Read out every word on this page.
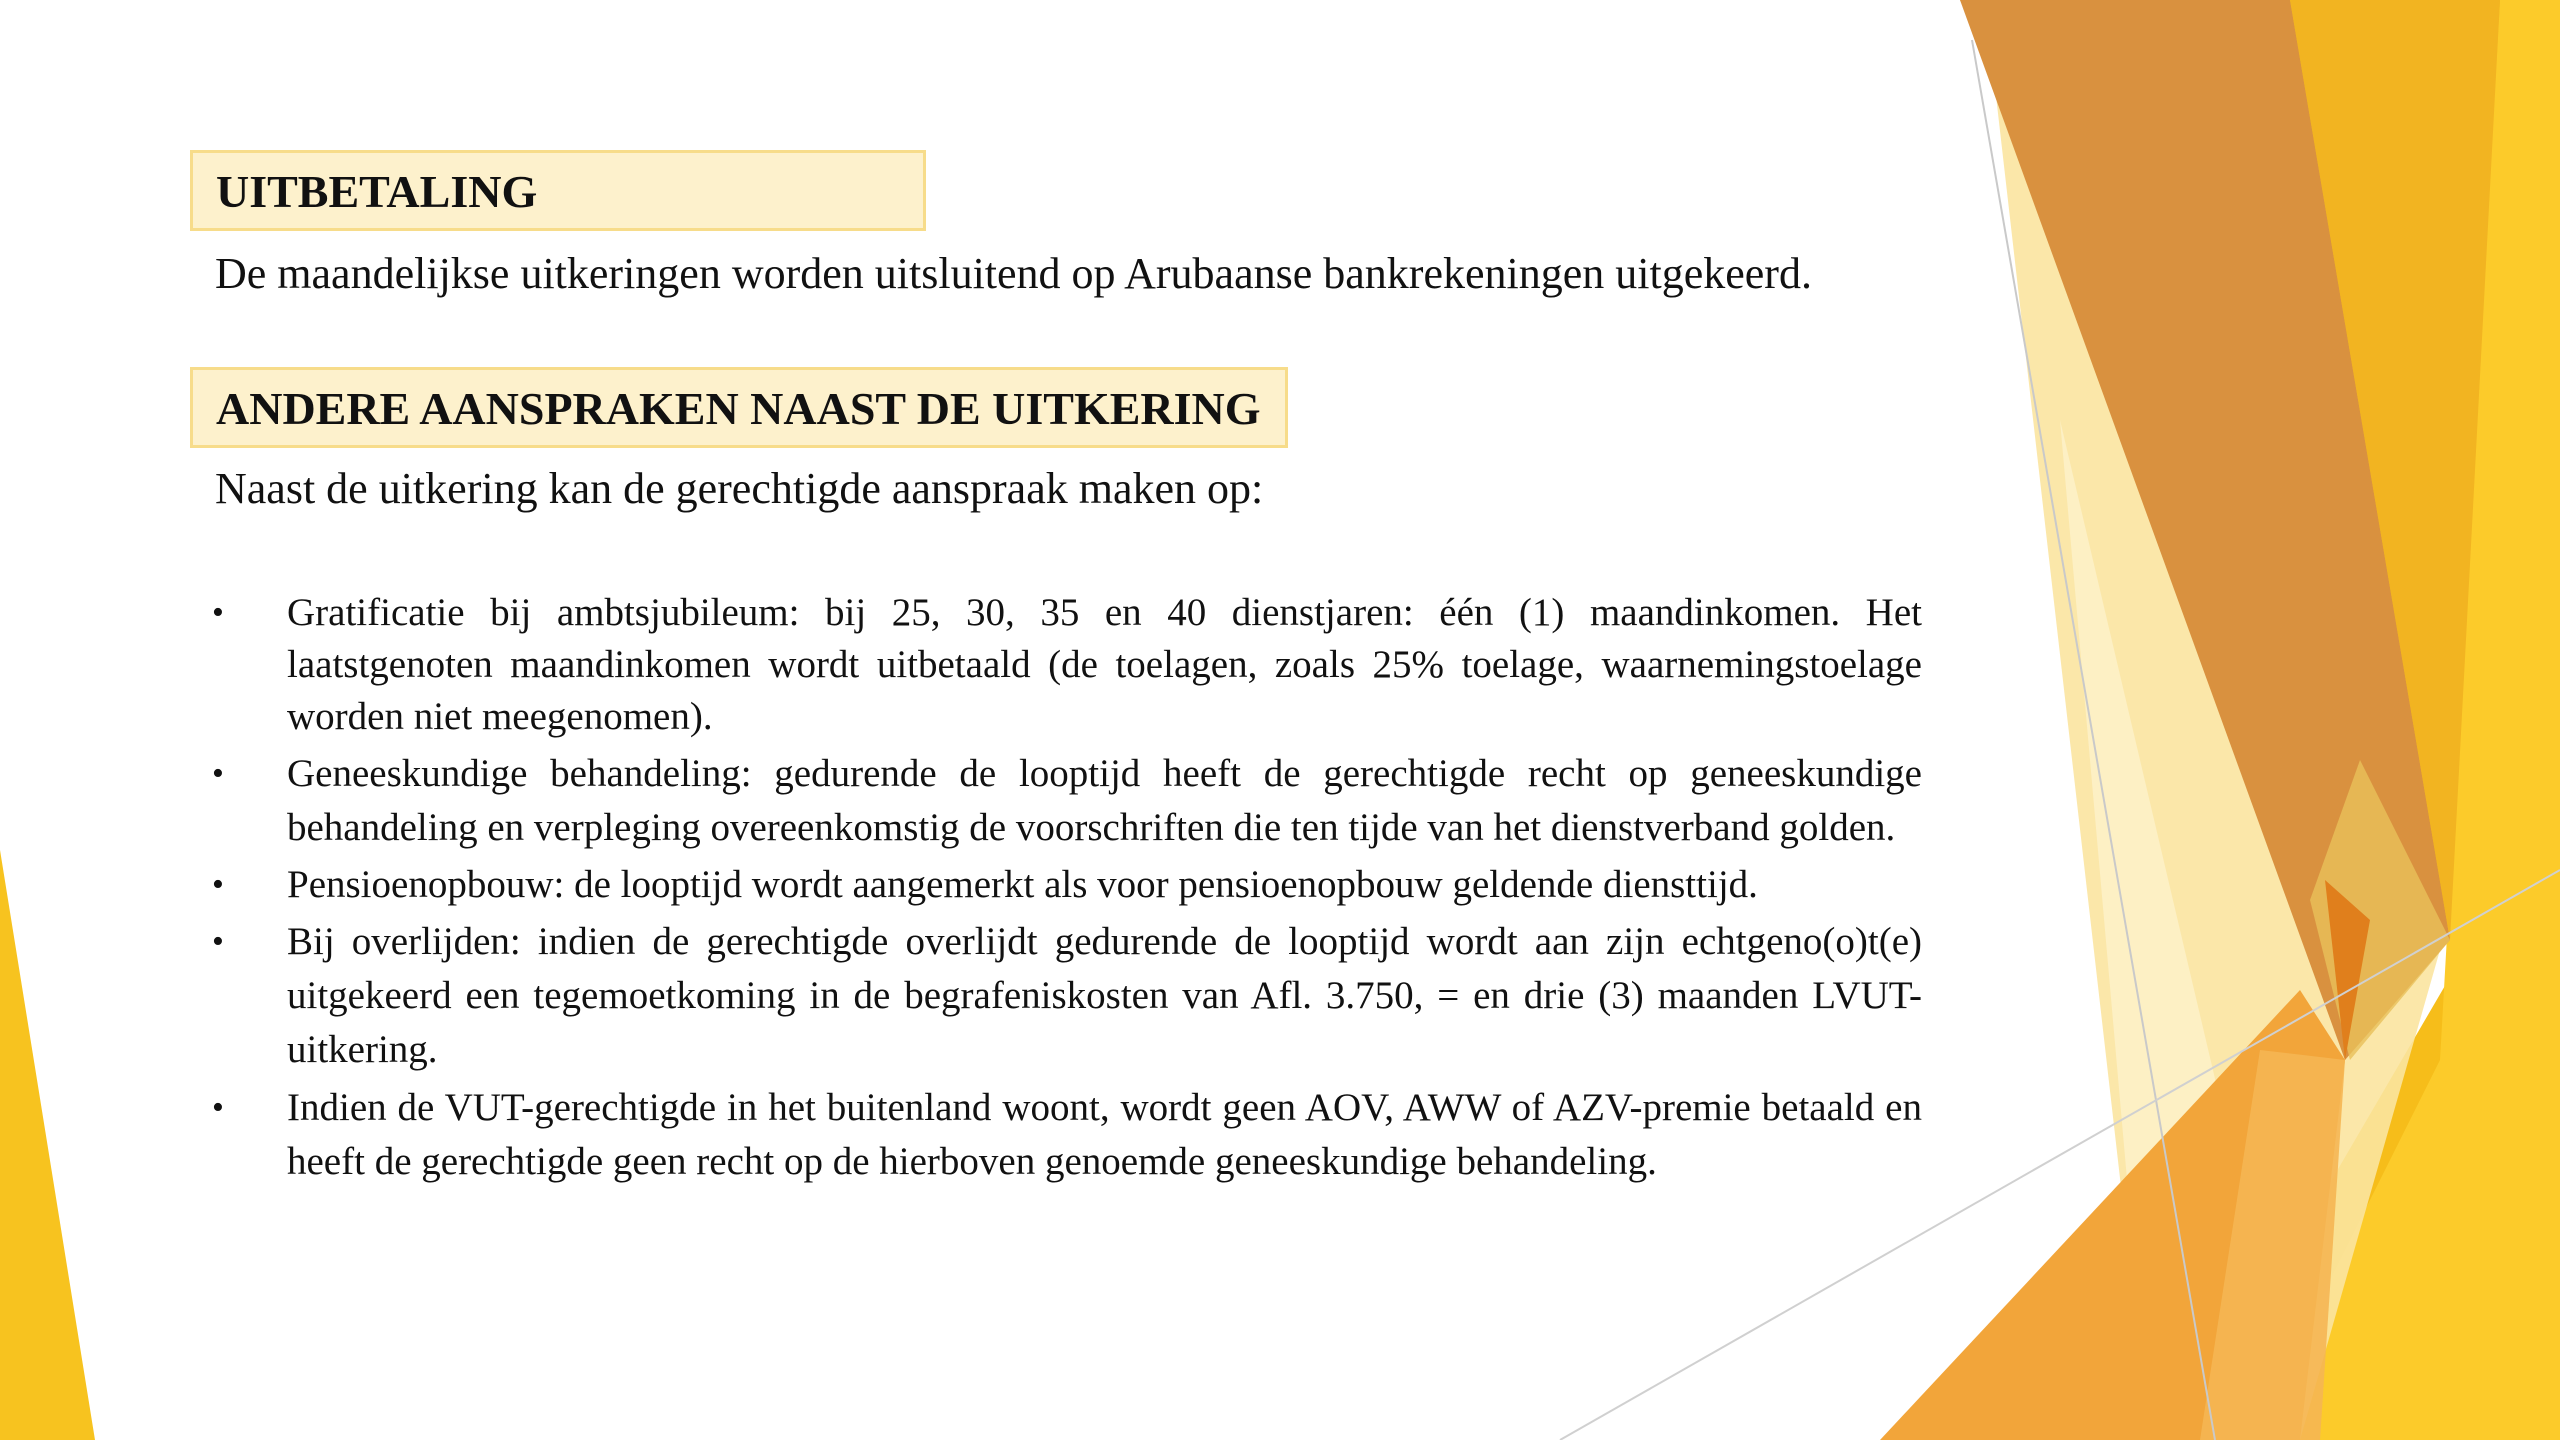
UITBETALING
De maandelijkse uitkeringen worden uitsluitend op Arubaanse bankrekeningen uitgekeerd.
ANDERE AANSPRAKEN NAAST DE UITKERING
Naast de uitkering kan de gerechtigde aanspraak maken op:
• Gratificatie bij ambtsjubileum: bij 25, 30, 35 en 40 dienstjaren: één (1) maandinkomen. Het laatstgenoten maandinkomen wordt uitbetaald (de toelagen, zoals 25% toelage, waarnemingstoelage worden niet meegenomen).
• Geneeskundige behandeling: gedurende de looptijd heeft de gerechtigde recht op geneeskundige behandeling en verpleging overeenkomstig de voorschriften die ten tijde van het dienstverband golden.
• Pensioenopbouw: de looptijd wordt aangemerkt als voor pensioenopbouw geldende diensttijd.
• Bij overlijden: indien de gerechtigde overlijdt gedurende de looptijd wordt aan zijn echtgeno(o)t(e) uitgekeerd een tegemoetkoming in de begrafeniskosten van Afl. 3.750, = en drie (3) maanden LVUT-uitkering.
• Indien de VUT-gerechtigde in het buitenland woont, wordt geen AOV, AWW of AZV-premie betaald en heeft de gerechtigde geen recht op de hierboven genoemde geneeskundige behandeling.
